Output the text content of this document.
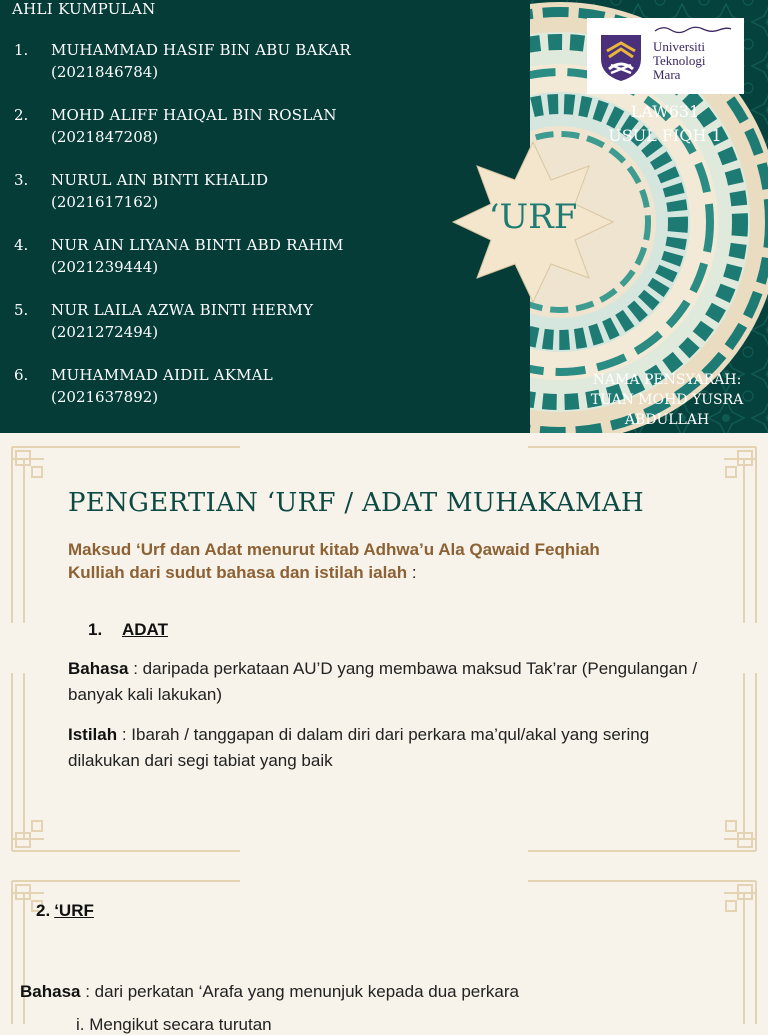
AHLI KUMPULAN
1.	MUHAMMAD HASIF BIN ABU BAKAR
(2021846784)
2.	MOHD ALIFF HAIQAL BIN ROSLAN
(2021847208)
3.	NURUL AIN BINTI KHALID
(2021617162)
4.	NUR AIN LIYANA BINTI ABD RAHIM
(2021239444)
5.	NUR LAILA AZWA BINTI HERMY
(2021272494)
6.	MUHAMMAD AIDIL AKMAL
(2021637892)
Universiti
Teknologi
Mara
LAW631
USUL FIQH 1
‘URF
NAMA PENSYARAH:
TUAN MOHD YUSRA
ABDULLAH
PENGERTIAN ‘URF / ADAT MUHAKAMAH
Maksud ‘Urf dan Adat menurut kitab Adhwa’u Ala Qawaid Feqhiah
Kulliah dari sudut bahasa dan istilah ialah :
1. ADAT
Bahasa : daripada perkataan AU’D yang membawa maksud Tak’rar (Pengulangan / banyak kali lakukan)
Istilah : Ibarah / tanggapan di dalam diri dari perkara ma’qul/akal yang sering dilakukan dari segi tabiat yang baik
2. ‘URF
Bahasa : dari perkatan ‘Arafa yang menunjuk kepada dua perkara
i. Mengikut secara turutan
